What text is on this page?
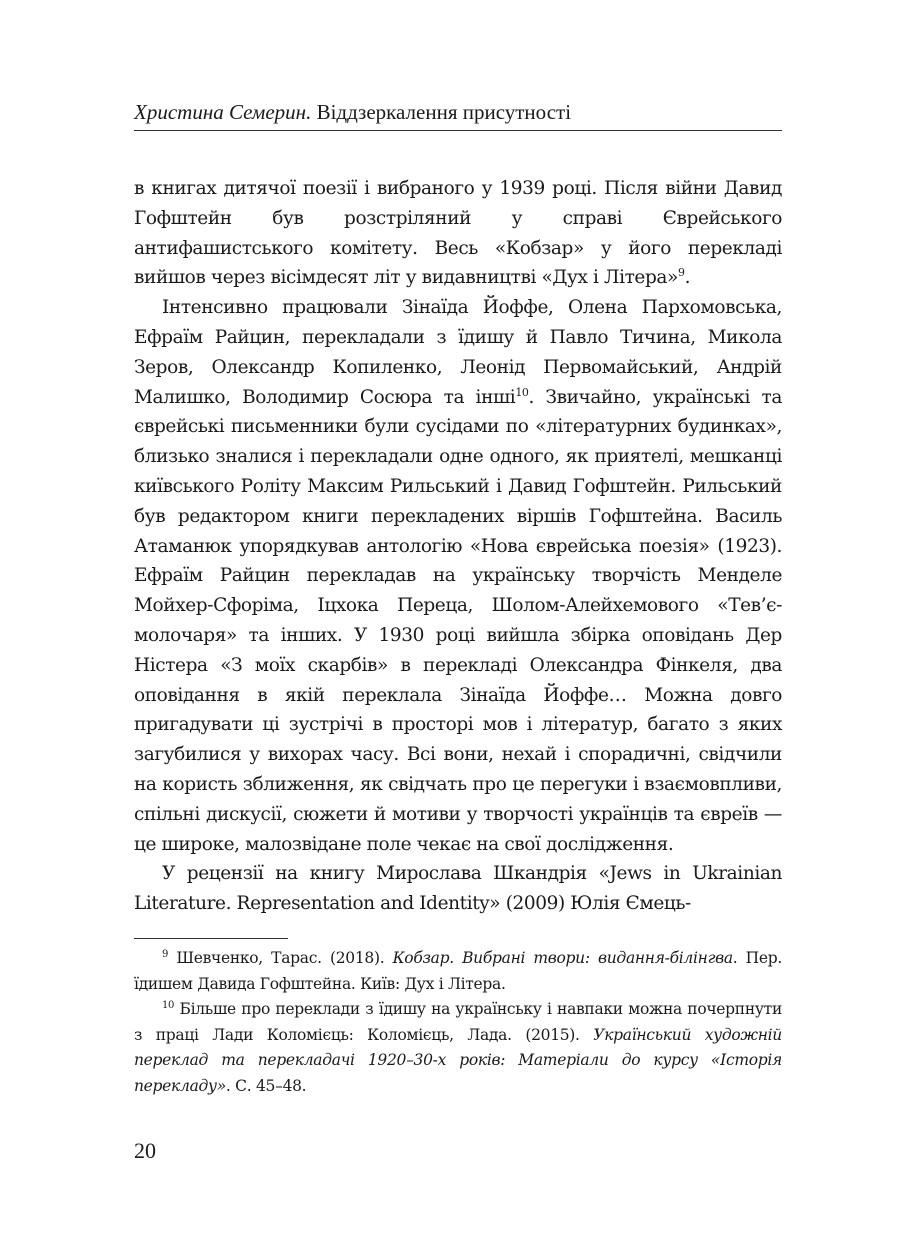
Христина Семерин. Віддзеркалення присутності

в книгах дитячої поезії і вибраного у 1939 році. Після війни Давид Гофштейн був розстріляний у справі Єврейського антифашистського комітету. Весь «Кобзар» у його перекладі вийшов через вісімдесят літ у видавництві «Дух і Літера»$^9$.

Інтенсивно працювали Зінаїда Йоффе, Олена Пархомовська, Ефраїм Райцин, перекладали з їдишу й Павло Тичина, Микола Зеров, Олександр Копиленко, Леонід Первомайський, Андрій Малишко, Володимир Сосюра та інші$^{10}$. Звичайно, українські та єврейські письменники були сусідами по «літературних будинках», близько зналися і перекладали одне одного, як приятелі, мешканці київського Роліту Максим Рильський і Давид Гофштейн. Рильський був редактором книги перекладених віршів Гофштейна. Василь Атаманюк упорядкував антологію «Нова єврейська поезія» (1923). Ефраїм Райцин перекладав на українську творчість Менделе Мойхер-Сфоріма, Іцхока Переца, Шолом-Алейхемового «Тев’є-молочаря» та інших. У 1930 році вийшла збірка оповідань Дер Ністера «З моїх скарбів» в перекладі Олександра Фінкеля, два оповідання в якій переклала Зінаїда Йоффе… Можна довго пригадувати ці зустрічі в просторі мов і літератур, багато з яких загубилися у вихорах часу. Всі вони, нехай і спорадичні, свідчили на користь зближення, як свідчать про це перегуки і взаємовпливи, спільні дискусії, сюжети й мотиви у творчості українців та євреїв — це широке, малозвідане поле чекає на свої дослідження.

У рецензії на книгу Мирослава Шкандрія «Jews in Ukrainian Literature. Representation and Identity» (2009) Юлія Ємець-

$^9$ Шевченко, Тарас. (2018). Кобзар. Вибрані твори: видання-білінгва. Пер. їдишем Давида Гофштейна. Київ: Дух і Літера.

$^{10}$ Більше про переклади з їдишу на українську і навпаки можна почерпнути з праці Лади Коломієць: Коломієць, Лада. (2015). Український художній переклад та перекладачі 1920–30-х років: Матеріали до курсу «Історія перекладу». С. 45–48.

20
